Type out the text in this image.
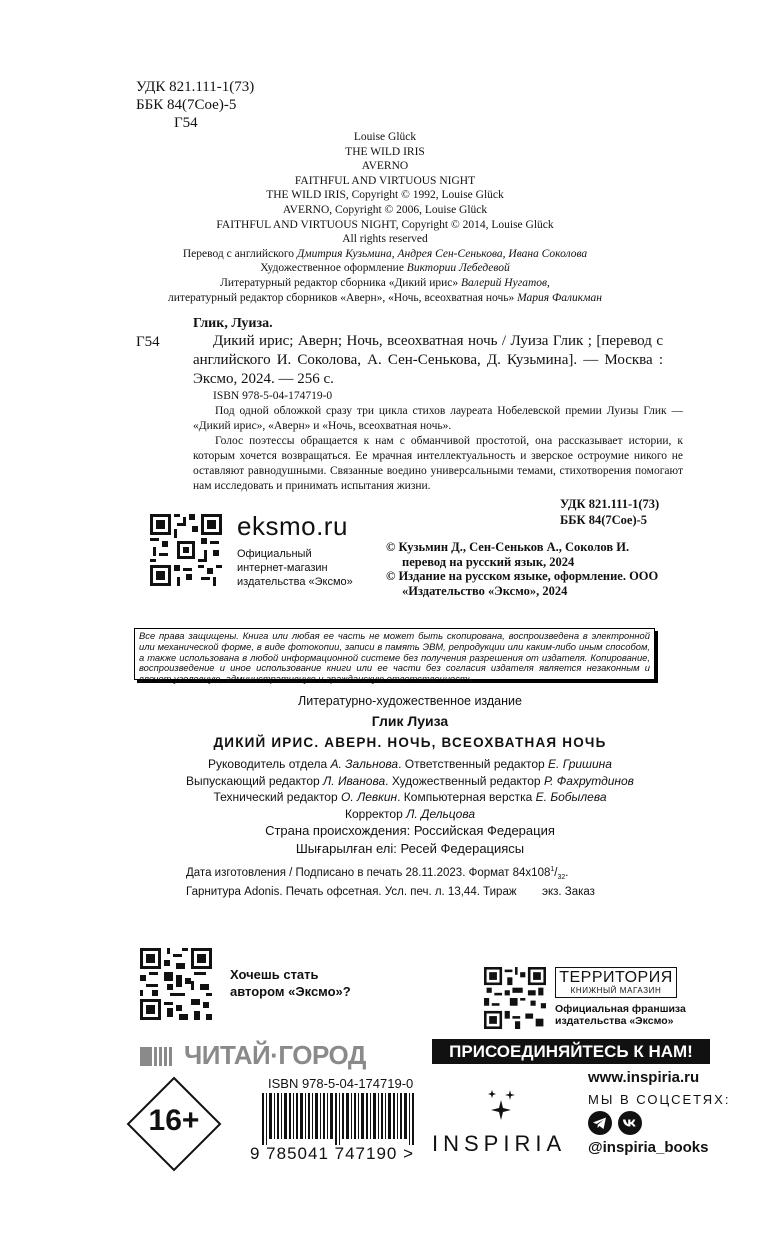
УДК 821.111-1(73)
ББК 84(7Сое)-5
Г54
Louise Glück
THE WILD IRIS
AVERNO
FAITHFUL AND VIRTUOUS NIGHT
THE WILD IRIS, Copyright © 1992, Louise Glück
AVERNO, Copyright © 2006, Louise Glück
FAITHFUL AND VIRTUOUS NIGHT, Copyright © 2014, Louise Glück
All rights reserved
Перевод с английского Дмитрия Кузьмина, Андрея Сен-Сенькова, Ивана Соколова
Художественное оформление Виктории Лебедевой
Литературный редактор сборника «Дикий ирис» Валерий Нугатов,
литературный редактор сборников «Аверн», «Ночь, всеохватная ночь» Мария Фаликман
Глик, Луиза.
Г54	Дикий ирис; Аверн; Ночь, всеохватная ночь / Луиза Глик ; [перевод с английского И. Соколова, А. Сен-Сенькова, Д. Кузьмина]. — Москва : Эксмо, 2024. — 256 с.
ISBN 978-5-04-174719-0

Под одной обложкой сразу три цикла стихов лауреата Нобелевской премии Луизы Глик — «Дикий ирис», «Аверн» и «Ночь, всеохватная ночь».

Голос поэтессы обращается к нам с обманчивой простотой, она рассказывает истории, к которым хочется возвращаться. Ее мрачная интеллектуальность и зверское остроумие никого не оставляют равнодушными. Связанные воедино универсальными темами, стихотворения помогают нам исследовать и принимать испытания жизни.

УДК 821.111-1(73)
ББК 84(7Сое)-5
eksmo.ru
Официальный
интернет-магазин
издательства «Эксмо»
© Кузьмин Д., Сен-Сеньков А., Соколов И. перевод на русский язык, 2024
© Издание на русском языке, оформление. ООО «Издательство «Эксмо», 2024
Все права защищены. Книга или любая ее часть не может быть скопирована, воспроизведена в электронной или механической форме, в виде фотокопии, записи в память ЭВМ, репродукции или каким-либо иным способом, а также использована в любой информационной системе без получения разрешения от издателя. Копирование, воспроизведение и иное использование книги или ее части без согласия издателя является незаконным и влечет уголовную, административную и гражданскую ответственность.
Литературно-художественное издание
Глик Луиза
ДИКИЙ ИРИС. АВЕРН. НОЧЬ, ВСЕОХВАТНАЯ НОЧЬ
Руководитель отдела А. Зальнова. Ответственный редактор Е. Гришина
Выпускающий редактор Л. Иванова. Художественный редактор Р. Фахрутдинов
Технический редактор О. Левкин. Компьютерная верстка Е. Бобылева
Корректор Л. Дельцова
Страна происхождения: Российская Федерация
Шығарылған елі: Ресей Федерациясы
Дата изготовления / Подписано в печать 28.11.2023. Формат $84x108^1/_{32}$.
Гарнитура Adonis. Печать офсетная. Усл. печ. л. 13,44. Тираж        экз. Заказ
Хочешь стать
автором «Эксмо»?
ЧИТАЙ·ГОРОД
ТЕРРИТОРИЯ
КНИЖНЫЙ МАГАЗИН
Официальная франшиза
издательства «Эксмо»
ПРИСОЕДИНЯЙТЕСЬ К НАМ!
16+
ISBN 978-5-04-174719-0
9 785041 747190 > INSPIRIA
www.inspiria.ru
МЫ В СОЦСЕТЯХ:
@inspiria_books
